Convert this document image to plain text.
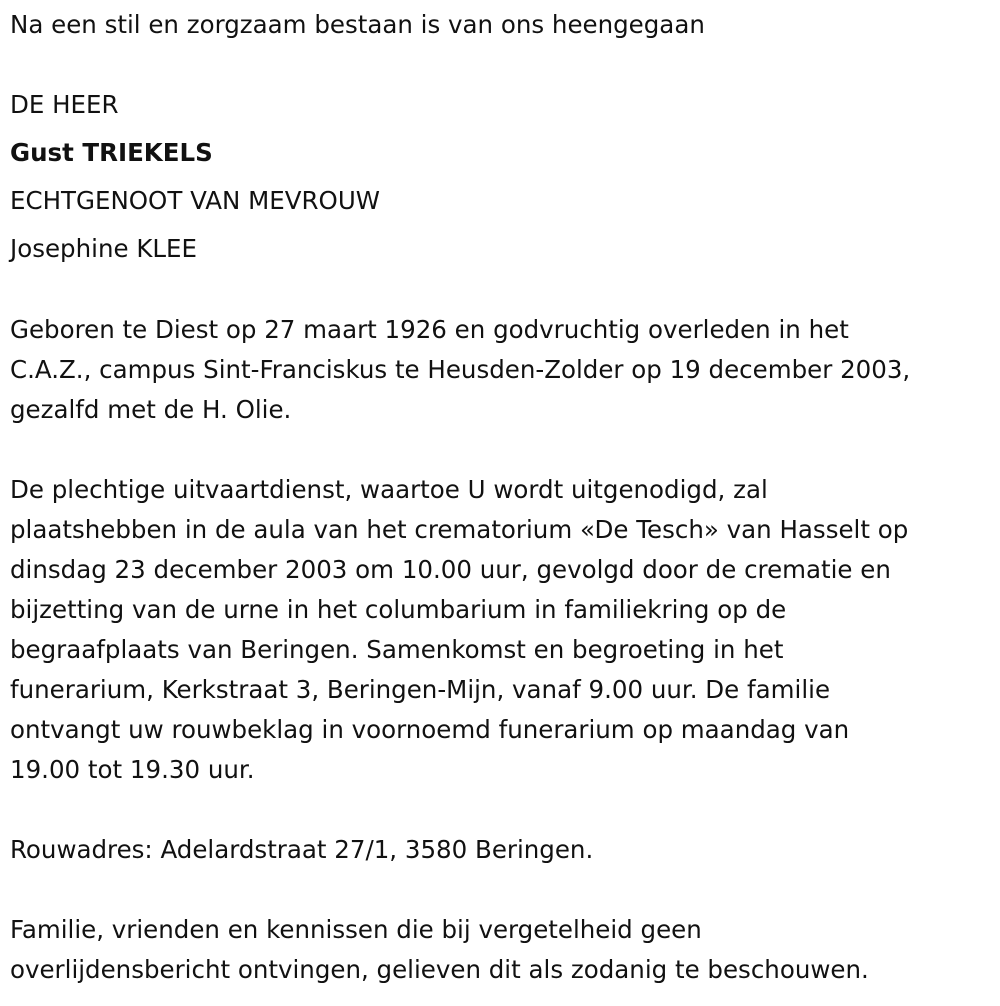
Na een stil en zorgzaam bestaan is van ons heengegaan
DE HEER
Gust TRIEKELS
ECHTGENOOT VAN MEVROUW
Josephine KLEE
Geboren te Diest op 27 maart 1926 en godvruchtig overleden in het
C.A.Z., campus Sint-Franciskus te Heusden-Zolder op 19 december 2003,
gezalfd met de H. Olie.
De plechtige uitvaartdienst, waartoe U wordt uitgenodigd, zal
plaatshebben in de aula van het crematorium «De Tesch» van Hasselt op
dinsdag 23 december 2003 om 10.00 uur, gevolgd door de crematie en
bijzetting van de urne in het columbarium in familiekring op de
begraafplaats van Beringen. Samenkomst en begroeting in het
funerarium, Kerkstraat 3, Beringen-Mijn, vanaf 9.00 uur. De familie
ontvangt uw rouwbeklag in voornoemd funerarium op maandag van
19.00 tot 19.30 uur.
Rouwadres: Adelardstraat 27/1, 3580 Beringen.
Familie, vrienden en kennissen die bij vergetelheid geen
overlijdensbericht ontvingen, gelieven dit als zodanig te beschouwen.
